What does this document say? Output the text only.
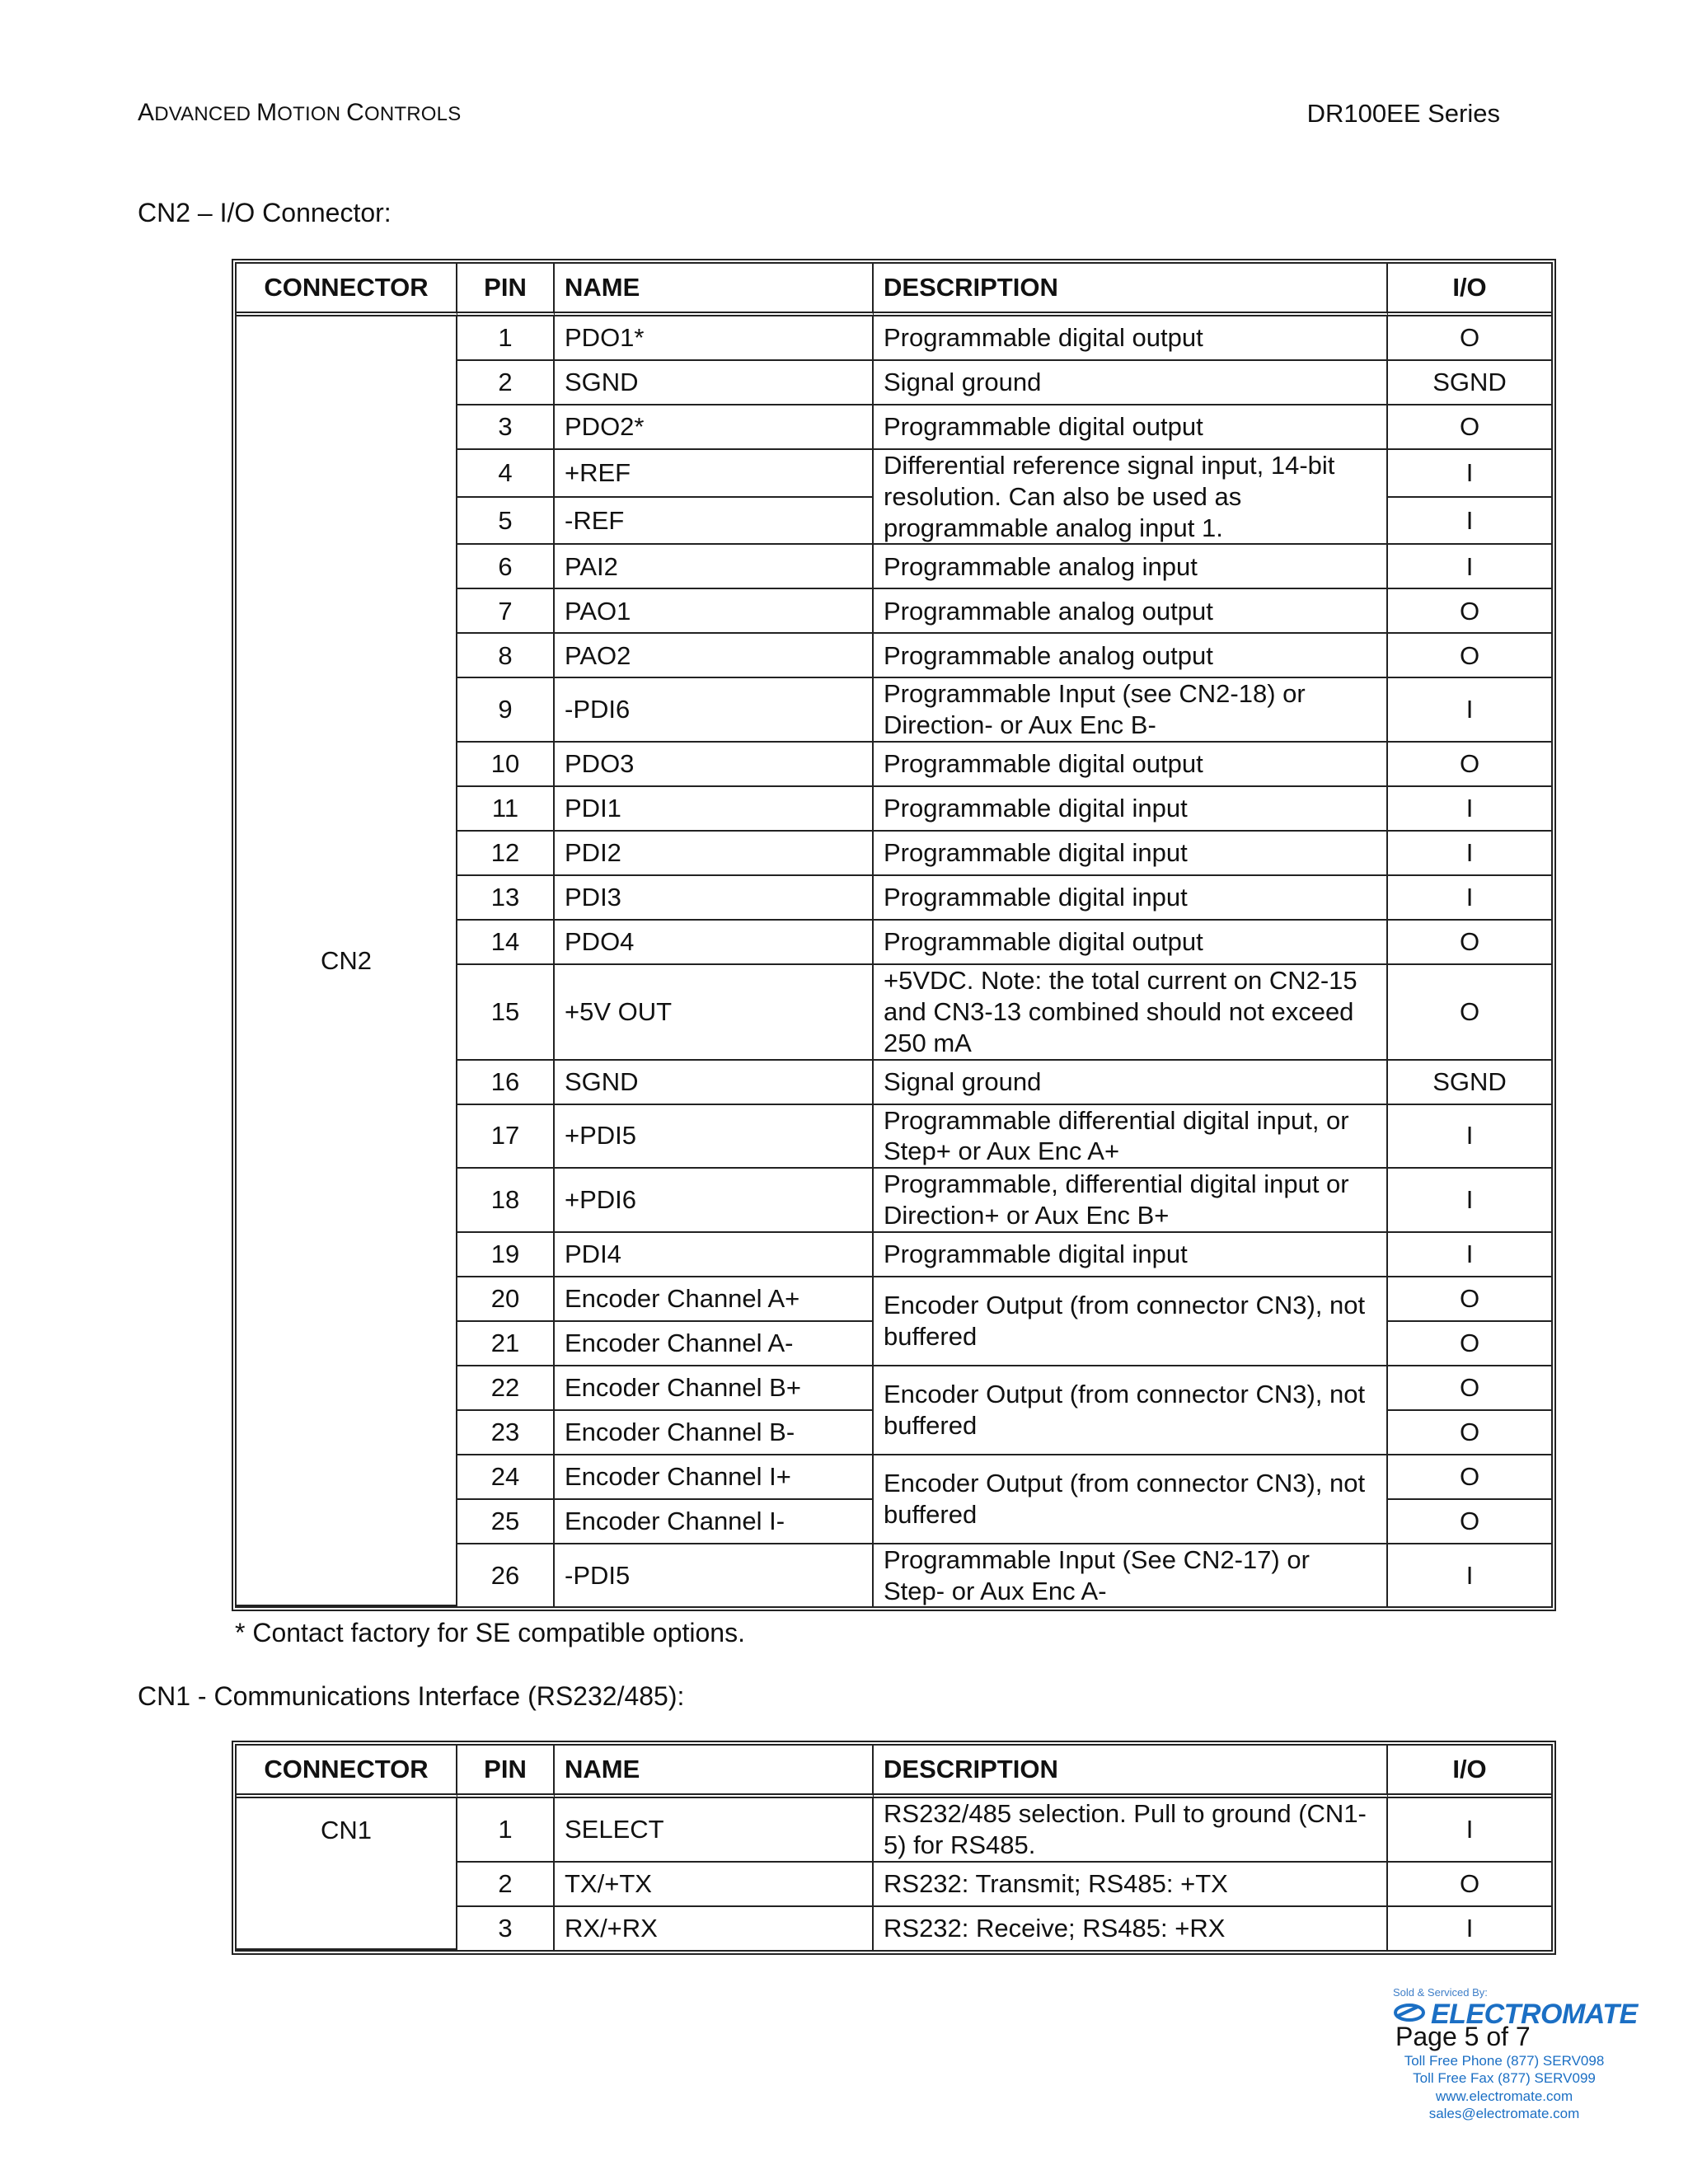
ADVANCED MOTION CONTROLS	DR100EE Series
CN2 – I/O Connector:
CONNECTOR	PIN	NAME	DESCRIPTION	I/O
CN2	1	PDO1*	Programmable digital output	O
	2	SGND	Signal ground	SGND
	3	PDO2*	Programmable digital output	O
	4	+REF	Differential reference signal input, 14-bit resolution. Can also be used as programmable analog input 1.	I
	5	-REF		I
	6	PAI2	Programmable analog input	I
	7	PAO1	Programmable analog output	O
	8	PAO2	Programmable analog output	O
	9	-PDI6	Programmable Input (see CN2-18) or Direction- or Aux Enc B-	I
	10	PDO3	Programmable digital output	O
	11	PDI1	Programmable digital input	I
	12	PDI2	Programmable digital input	I
	13	PDI3	Programmable digital input	I
	14	PDO4	Programmable digital output	O
	15	+5V OUT	+5VDC. Note: the total current on CN2-15 and CN3-13 combined should not exceed 250 mA	O
	16	SGND	Signal ground	SGND
	17	+PDI5	Programmable differential digital input, or Step+ or Aux Enc A+	I
	18	+PDI6	Programmable, differential digital input or Direction+ or Aux Enc B+	I
	19	PDI4	Programmable digital input	I
	20	Encoder Channel A+	Encoder Output (from connector CN3), not buffered	O
	21	Encoder Channel A-		O
	22	Encoder Channel B+	Encoder Output (from connector CN3), not buffered	O
	23	Encoder Channel B-		O
	24	Encoder Channel I+	Encoder Output (from connector CN3), not buffered	O
	25	Encoder Channel I-		O
	26	-PDI5	Programmable Input (See CN2-17) or Step- or Aux Enc A-	I
* Contact factory for SE compatible options.
CN1 - Communications Interface (RS232/485):
CONNECTOR	PIN	NAME	DESCRIPTION	I/O
CN1	1	SELECT	RS232/485 selection. Pull to ground (CN1-5) for RS485.	I
	2	TX/+TX	RS232: Transmit; RS485: +TX	O
	3	RX/+RX	RS232: Receive; RS485: +RX	I
Sold & Serviced By:
ELECTROMATE
Toll Free Phone (877) SERV098
Toll Free Fax (877) SERV099
www.electromate.com
sales@electromate.com
Page 5 of 7
